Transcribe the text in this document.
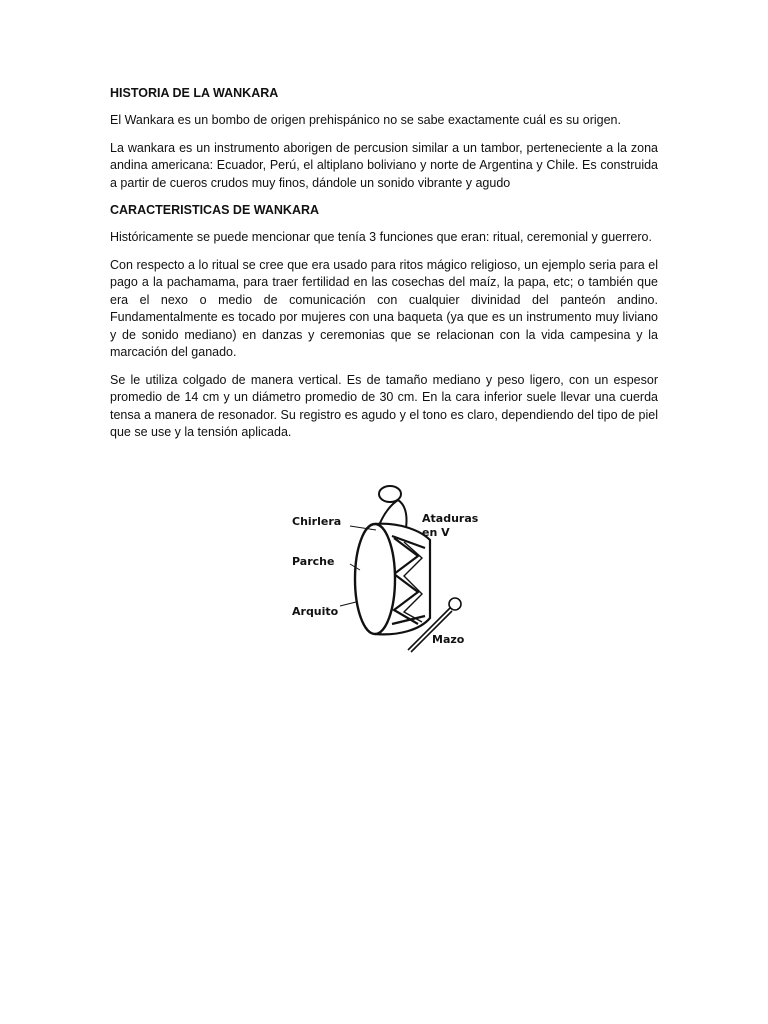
HISTORIA DE LA WANKARA

El Wankara es un bombo de origen prehispánico no se sabe exactamente cuál es su origen.

La wankara es un instrumento aborigen de percusion similar a un tambor, perteneciente a la zona andina americana: Ecuador, Perú, el altiplano boliviano y norte de Argentina y Chile. Es construida a partir de cueros crudos muy finos, dándole un sonido vibrante y agudo

CARACTERISTICAS DE WANKARA

Históricamente se puede mencionar que tenía 3 funciones que eran: ritual, ceremonial y guerrero.

Con respecto a lo ritual se cree que era usado para ritos mágico religioso, un ejemplo seria para el pago a la pachamama, para traer fertilidad en las cosechas del maíz, la papa, etc; o también que era el nexo o medio de comunicación con cualquier divinidad del panteón andino. Fundamentalmente es tocado por mujeres con una baqueta (ya que es un instrumento muy liviano y de sonido mediano) en danzas y ceremonias que se relacionan con la vida campesina y la marcación del ganado.

Se le utiliza colgado de manera vertical. Es de tamaño mediano y peso ligero, con un espesor promedio de 14 cm y un diámetro promedio de 30 cm. En la cara inferior suele llevar una cuerda tensa a manera de resonador. Su registro es agudo y el tono es claro, dependiendo del tipo de piel que se use y la tensión aplicada.

Chirlera
Parche
Arquito
Ataduras
en V
Mazo
